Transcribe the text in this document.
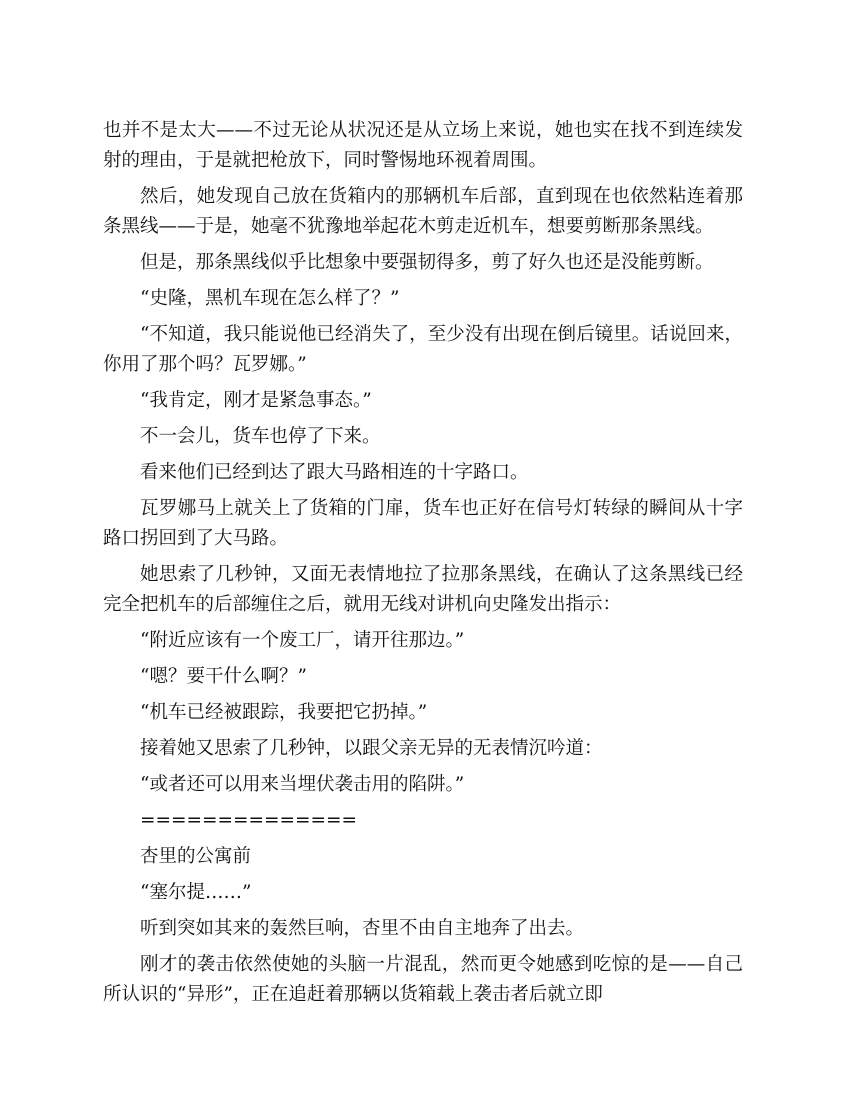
也并不是太大——不过无论从状况还是从立场上来说，她也实在找不到连续发射的理由，于是就把枪放下，同时警惕地环视着周围。

然后，她发现自己放在货箱内的那辆机车后部，直到现在也依然粘连着那条黑线——于是，她毫不犹豫地举起花木剪走近机车，想要剪断那条黑线。

但是，那条黑线似乎比想象中要强韧得多，剪了好久也还是没能剪断。

“史隆，黑机车现在怎么样了？”

“不知道，我只能说他已经消失了，至少没有出现在倒后镜里。话说回来，你用了那个吗？瓦罗娜。”

“我肯定，刚才是紧急事态。”

不一会儿，货车也停了下来。

看来他们已经到达了跟大马路相连的十字路口。

瓦罗娜马上就关上了货箱的门扉，货车也正好在信号灯转绿的瞬间从十字路口拐回到了大马路。

她思索了几秒钟，又面无表情地拉了拉那条黑线，在确认了这条黑线已经完全把机车的后部缠住之后，就用无线对讲机向史隆发出指示：

“附近应该有一个废工厂，请开往那边。”

“嗯？要干什么啊？”

“机车已经被跟踪，我要把它扔掉。”

接着她又思索了几秒钟，以跟父亲无异的无表情沉吟道：

“或者还可以用来当埋伏袭击用的陷阱。”

==============

杏里的公寓前

“塞尔提……”

听到突如其来的轰然巨响，杏里不由自主地奔了出去。

刚才的袭击依然使她的头脑一片混乱，然而更令她感到吃惊的是——自己所认识的“异形”，正在追赶着那辆以货箱载上袭击者后就立即
